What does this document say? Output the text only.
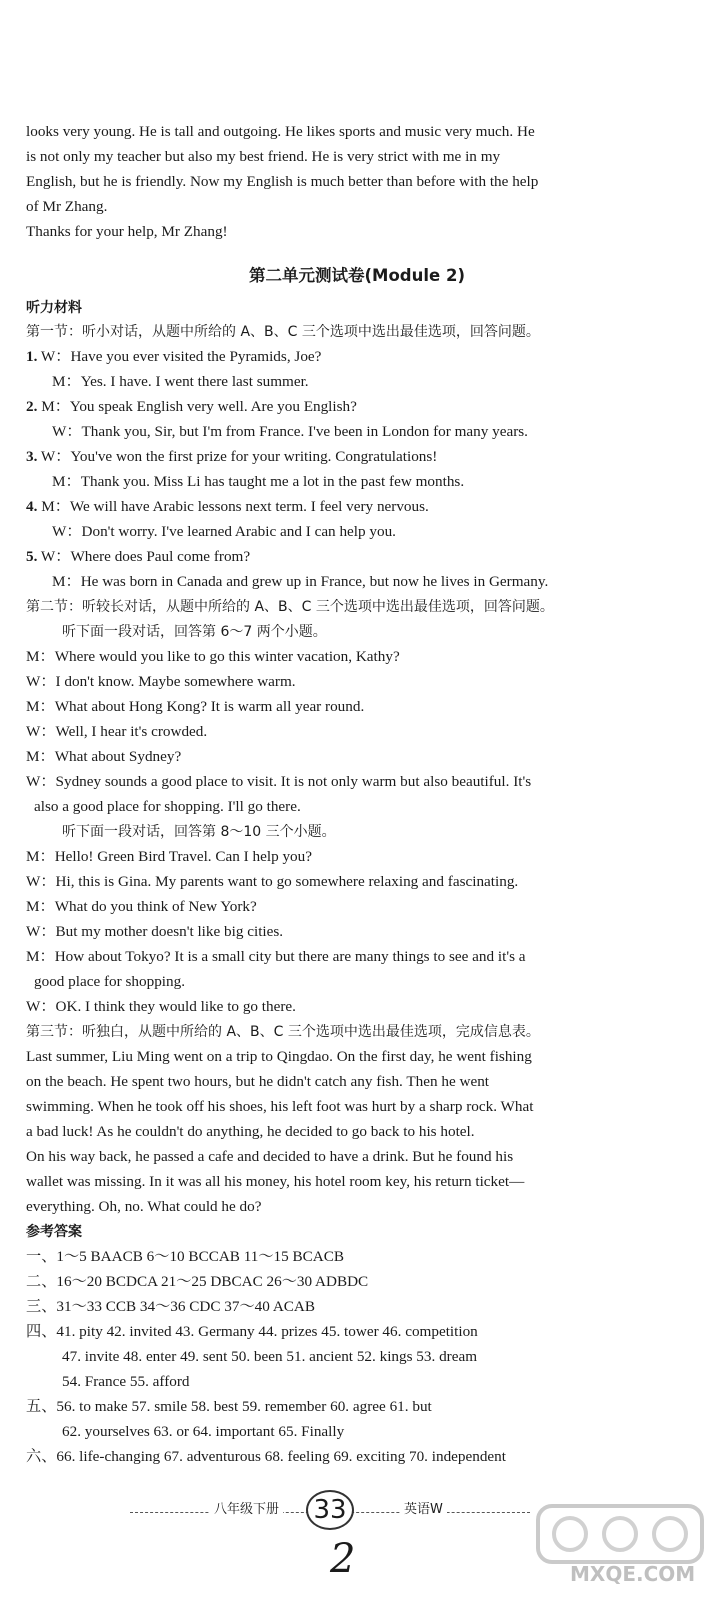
looks very young. He is tall and outgoing. He likes sports and music very much. He
is not only my teacher but also my best friend. He is very strict with me in my
English, but he is friendly. Now my English is much better than before with the help
of Mr Zhang.
Thanks for your help, Mr Zhang!
第二单元测试卷(Module 2)
听力材料
第一节：听小对话，从题中所给的 A、B、C 三个选项中选出最佳选项，回答问题。
1. W：Have you ever visited the Pyramids, Joe?
M：Yes. I have. I went there last summer.
2. M：You speak English very well. Are you English?
W：Thank you, Sir, but I'm from France. I've been in London for many years.
3. W：You've won the first prize for your writing. Congratulations!
M：Thank you. Miss Li has taught me a lot in the past few months.
4. M：We will have Arabic lessons next term. I feel very nervous.
W：Don't worry. I've learned Arabic and I can help you.
5. W：Where does Paul come from?
M：He was born in Canada and grew up in France, but now he lives in Germany.
第二节：听较长对话，从题中所给的 A、B、C 三个选项中选出最佳选项，回答问题。
听下面一段对话，回答第 6～7 两个小题。
M：Where would you like to go this winter vacation, Kathy?
W：I don't know. Maybe somewhere warm.
M：What about Hong Kong? It is warm all year round.
W：Well, I hear it's crowded.
M：What about Sydney?
W：Sydney sounds a good place to visit. It is not only warm but also beautiful. It's
also a good place for shopping. I'll go there.
听下面一段对话，回答第 8～10 三个小题。
M：Hello! Green Bird Travel. Can I help you?
W：Hi, this is Gina. My parents want to go somewhere relaxing and fascinating.
M：What do you think of New York?
W：But my mother doesn't like big cities.
M：How about Tokyo? It is a small city but there are many things to see and it's a
good place for shopping.
W：OK. I think they would like to go there.
第三节：听独白，从题中所给的 A、B、C 三个选项中选出最佳选项，完成信息表。
Last summer, Liu Ming went on a trip to Qingdao. On the first day, he went fishing
on the beach. He spent two hours, but he didn't catch any fish. Then he went
swimming. When he took off his shoes, his left foot was hurt by a sharp rock. What
a bad luck! As he couldn't do anything, he decided to go back to his hotel.
On his way back, he passed a cafe and decided to have a drink. But he found his
wallet was missing. In it was all his money, his hotel room key, his return ticket—
everything. Oh, no. What could he do?
参考答案
一、1～5 BAACB 6～10 BCCAB 11～15 BCACB
二、16～20 BCDCA 21～25 DBCAC 26～30 ADBDC
三、31～33 CCB 34～36 CDC 37～40 ACAB
四、41. pity 42. invited 43. Germany 44. prizes 45. tower 46. competition
47. invite 48. enter 49. sent 50. been 51. ancient 52. kings 53. dream
54. France 55. afford
五、56. to make 57. smile 58. best 59. remember 60. agree 61. but
62. yourselves 63. or 64. important 65. Finally
六、66. life-changing 67. adventurous 68. feeling 69. exciting 70. independent
八年级下册 33	英语W
2	MXQE.COM
